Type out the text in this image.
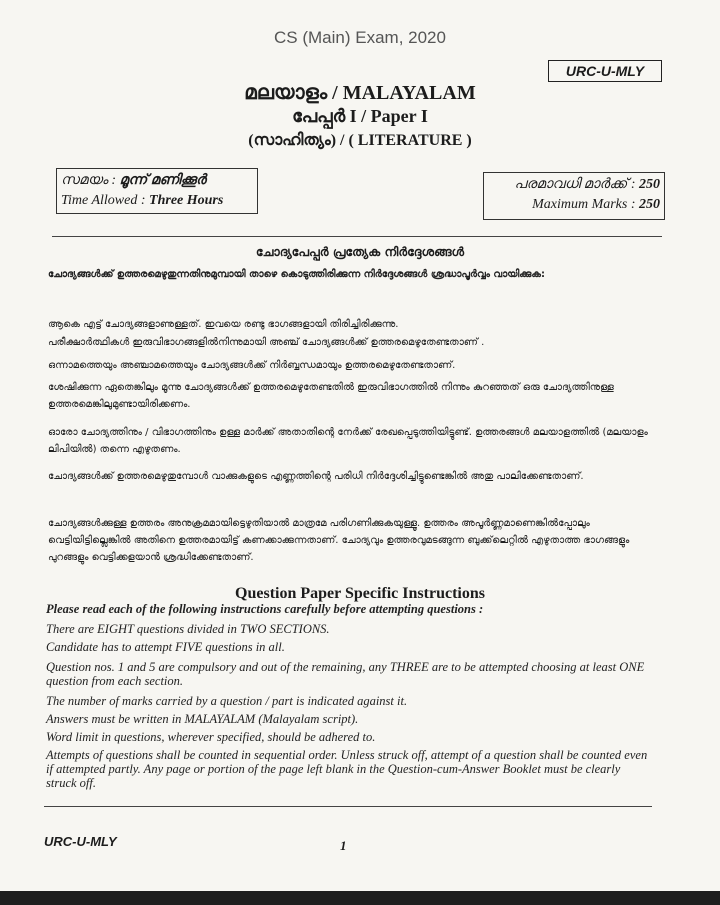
CS (Main) Exam, 2020
URC-U-MLY
മലയാളം / MALAYALAM
പേപ്പർ I / Paper I
(സാഹിത്യം) / ( LITERATURE )
സമയം : മൂന്ന് മണിക്കൂർ
Time Allowed : Three Hours
പരമാവധി മാർക്ക് : 250
Maximum Marks : 250
ചോദ്യപേപ്പർ പ്രത്യേക നിർദ്ദേശങ്ങൾ
ചോദ്യങ്ങൾക്ക് ഉത്തരമെഴുതുന്നതിനുമുമ്പായി താഴെ കൊടുത്തിരിക്കുന്ന നിർദ്ദേശങ്ങൾ ശ്രദ്ധാപൂർവ്വം വായിക്കുക:
ആകെ എട്ട് ചോദ്യങ്ങളാണുള്ളത്. ഇവയെ രണ്ടു ഭാഗങ്ങളായി തിരിച്ചിരിക്കുന്നു.
പരീക്ഷാർത്ഥികൾ ഇരുവിഭാഗങ്ങളിൽനിന്നുമായി അഞ്ച് ചോദ്യങ്ങൾക്ക് ഉത്തരമെഴുതേണ്ടതാണ് .
ഒന്നാമത്തെയും അഞ്ചാമത്തെയും ചോദ്യങ്ങൾക്ക് നിർബ്ബന്ധമായും ഉത്തരമെഴുതേണ്ടതാണ്.
ശേഷിക്കുന്ന ഏതെങ്കിലും മൂന്നു ചോദ്യങ്ങൾക്ക് ഉത്തരമെഴുതേണ്ടതിൽ ഇരുവിഭാഗത്തിൽ നിന്നും കുറഞ്ഞത് ഒരു ചോദ്യത്തിനുള്ള ഉത്തരമെങ്കിലുമുണ്ടായിരിക്കണം.
ഓരോ ചോദ്യത്തിനും / വിഭാഗത്തിനും ഉള്ള മാർക്ക് അതാതിന്റെ നേർക്ക് രേഖപ്പെടുത്തിയിട്ടുണ്ട്. ഉത്തരങ്ങൾ മലയാളത്തിൽ (മലയാളം ലിപിയിൽ) തന്നെ എഴുതണം.
ചോദ്യങ്ങൾക്ക് ഉത്തരമെഴുതുമ്പോൾ വാക്കുകളുടെ എണ്ണത്തിന്റെ പരിധി നിർദ്ദേശിച്ചിട്ടുണ്ടെങ്കിൽ അതു പാലിക്കേണ്ടതാണ്.
ചോദ്യങ്ങൾക്കുള്ള ഉത്തരം അനുക്രമമായിട്ടെഴുതിയാൽ മാത്രമേ പരിഗണിക്കുകയുള്ളൂ. ഉത്തരം അപൂർണ്ണമാണെങ്കിൽപ്പോലും വെട്ടിയിട്ടില്ലെങ്കിൽ അതിനെ ഉത്തരമായിട്ട് കണക്കാക്കുന്നതാണ്. ചോദ്യവും ഉത്തരവുമടങ്ങുന്ന ബുക്ക്‌ലെറ്റിൽ എഴുതാത്ത ഭാഗങ്ങളും പുറങ്ങളും വെട്ടിക്കളയാൻ ശ്രദ്ധിക്കേണ്ടതാണ്.
Question Paper Specific Instructions
Please read each of the following instructions carefully before attempting questions :
There are EIGHT questions divided in TWO SECTIONS.
Candidate has to attempt FIVE questions in all.
Question nos. 1 and 5 are compulsory and out of the remaining, any THREE are to be attempted choosing at least ONE question from each section.
The number of marks carried by a question / part is indicated against it.
Answers must be written in MALAYALAM (Malayalam script).
Word limit in questions, wherever specified, should be adhered to.
Attempts of questions shall be counted in sequential order. Unless struck off, attempt of a question shall be counted even if attempted partly. Any page or portion of the page left blank in the Question-cum-Answer Booklet must be clearly struck off.
URC-U-MLY	1
